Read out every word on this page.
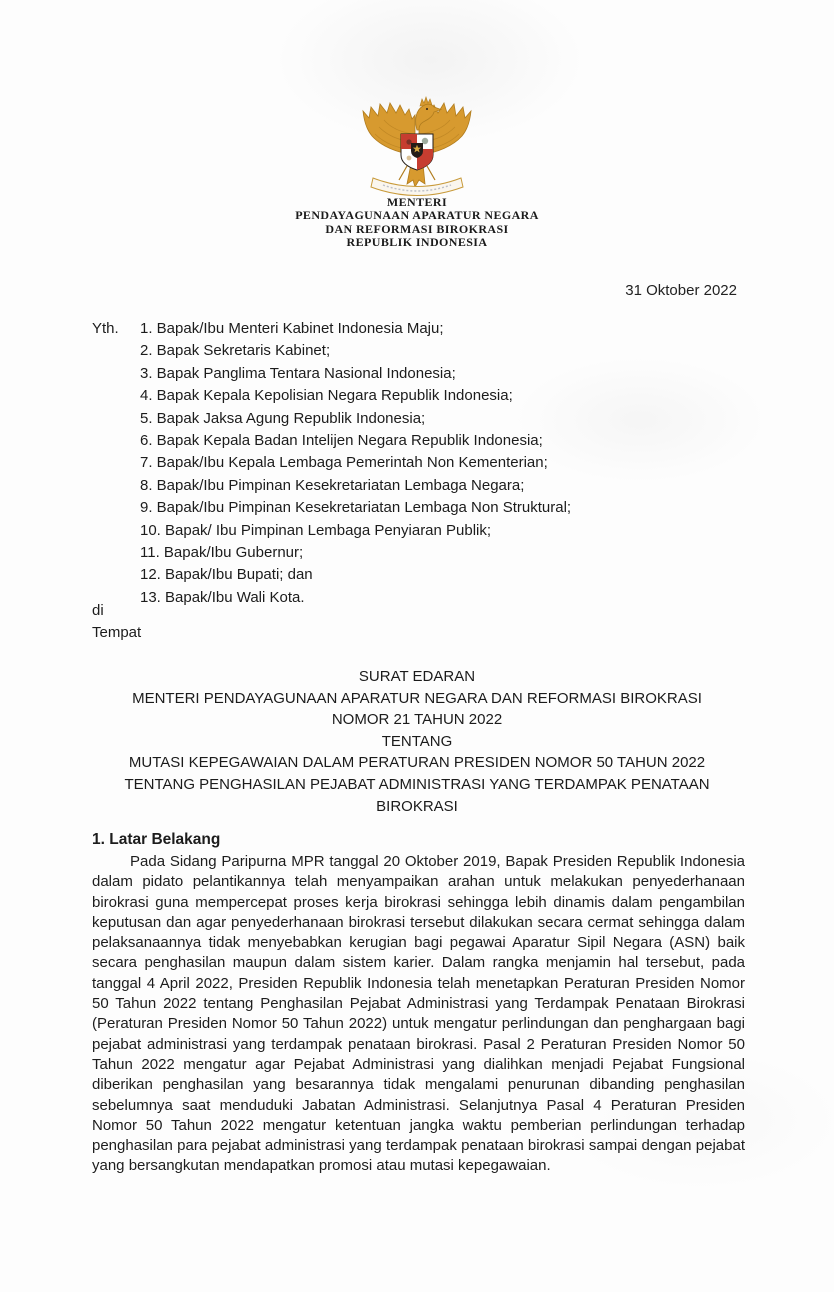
MENTERI
PENDAYAGUNAAN APARATUR NEGARA
DAN REFORMASI BIROKRASI
REPUBLIK INDONESIA
31 Oktober 2022
Yth.	1. Bapak/Ibu Menteri Kabinet Indonesia Maju;
2. Bapak Sekretaris Kabinet;
3. Bapak Panglima Tentara Nasional Indonesia;
4. Bapak Kepala Kepolisian Negara Republik Indonesia;
5. Bapak Jaksa Agung Republik Indonesia;
6. Bapak Kepala Badan Intelijen Negara Republik Indonesia;
7. Bapak/Ibu Kepala Lembaga Pemerintah Non Kementerian;
8. Bapak/Ibu Pimpinan Kesekretariatan Lembaga Negara;
9. Bapak/Ibu Pimpinan Kesekretariatan Lembaga Non Struktural;
10. Bapak/ Ibu Pimpinan Lembaga Penyiaran Publik;
11. Bapak/Ibu Gubernur;
12. Bapak/Ibu Bupati; dan
13. Bapak/Ibu Wali Kota.
di
Tempat
SURAT EDARAN
MENTERI PENDAYAGUNAAN APARATUR NEGARA DAN REFORMASI BIROKRASI
NOMOR 21 TAHUN 2022
TENTANG
MUTASI KEPEGAWAIAN DALAM PERATURAN PRESIDEN NOMOR 50 TAHUN 2022
TENTANG PENGHASILAN PEJABAT ADMINISTRASI YANG TERDAMPAK PENATAAN
BIROKRASI
1. Latar Belakang

Pada Sidang Paripurna MPR tanggal 20 Oktober 2019, Bapak Presiden Republik Indonesia dalam pidato pelantikannya telah menyampaikan arahan untuk melakukan penyederhanaan birokrasi guna mempercepat proses kerja birokrasi sehingga lebih dinamis dalam pengambilan keputusan dan agar penyederhanaan birokrasi tersebut dilakukan secara cermat sehingga dalam pelaksanaannya tidak menyebabkan kerugian bagi pegawai Aparatur Sipil Negara (ASN) baik secara penghasilan maupun dalam sistem karier. Dalam rangka menjamin hal tersebut, pada tanggal 4 April 2022, Presiden Republik Indonesia telah menetapkan Peraturan Presiden Nomor 50 Tahun 2022 tentang Penghasilan Pejabat Administrasi yang Terdampak Penataan Birokrasi (Peraturan Presiden Nomor 50 Tahun 2022) untuk mengatur perlindungan dan penghargaan bagi pejabat administrasi yang terdampak penataan birokrasi. Pasal 2 Peraturan Presiden Nomor 50 Tahun 2022 mengatur agar Pejabat Administrasi yang dialihkan menjadi Pejabat Fungsional diberikan penghasilan yang besarannya tidak mengalami penurunan dibanding penghasilan sebelumnya saat menduduki Jabatan Administrasi. Selanjutnya Pasal 4 Peraturan Presiden Nomor 50 Tahun 2022 mengatur ketentuan jangka waktu pemberian perlindungan terhadap penghasilan para pejabat administrasi yang terdampak penataan birokrasi sampai dengan pejabat yang bersangkutan mendapatkan promosi atau mutasi kepegawaian.
